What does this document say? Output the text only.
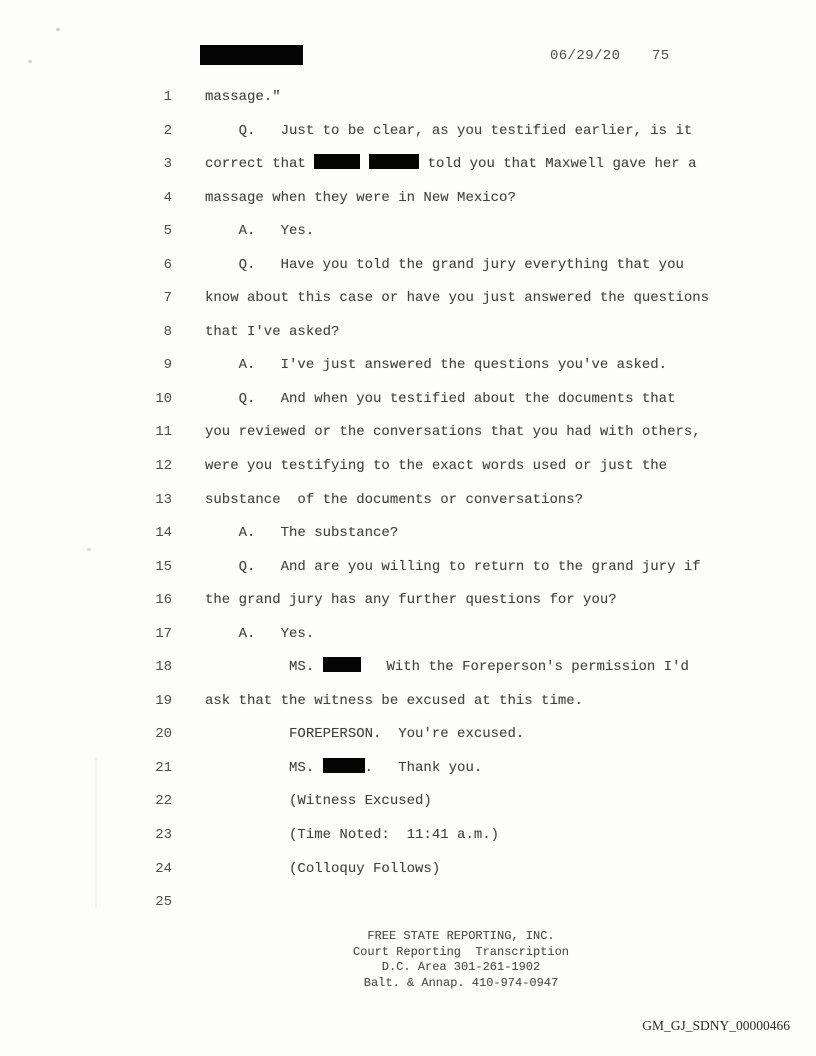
06/29/20 75
1 massage."
2 Q.   Just to be clear, as you testified earlier, is it
3 correct that	told you that Maxwell gave her a
4 massage when they were in New Mexico?
5 A.   Yes.
6 Q.   Have you told the grand jury everything that you
7 know about this case or have you just answered the questions
8 that I've asked?
9 A.   I've just answered the questions you've asked.
10 Q.   And when you testified about the documents that
11 you reviewed or the conversations that you had with others,
12 were you testifying to the exact words used or just the
13 substance  of the documents or conversations?
14 A.   The substance?
15 Q.   And are you willing to return to the grand jury if
16 the grand jury has any further questions for you?
17 A.   Yes.
18 MS.	With the Foreperson's permission I'd
19 ask that the witness be excused at this time.
20 FOREPERSON.  You're excused.
21 MS.	.   Thank you.
22 (Witness Excused)
23 (Time Noted:  11:41 a.m.)
24 (Colloquy Follows)
25
FREE STATE REPORTING, INC.
Court Reporting  Transcription
D.C. Area 301-261-1902
Balt. & Annap. 410-974-0947
GM_GJ_SDNY_00000466
